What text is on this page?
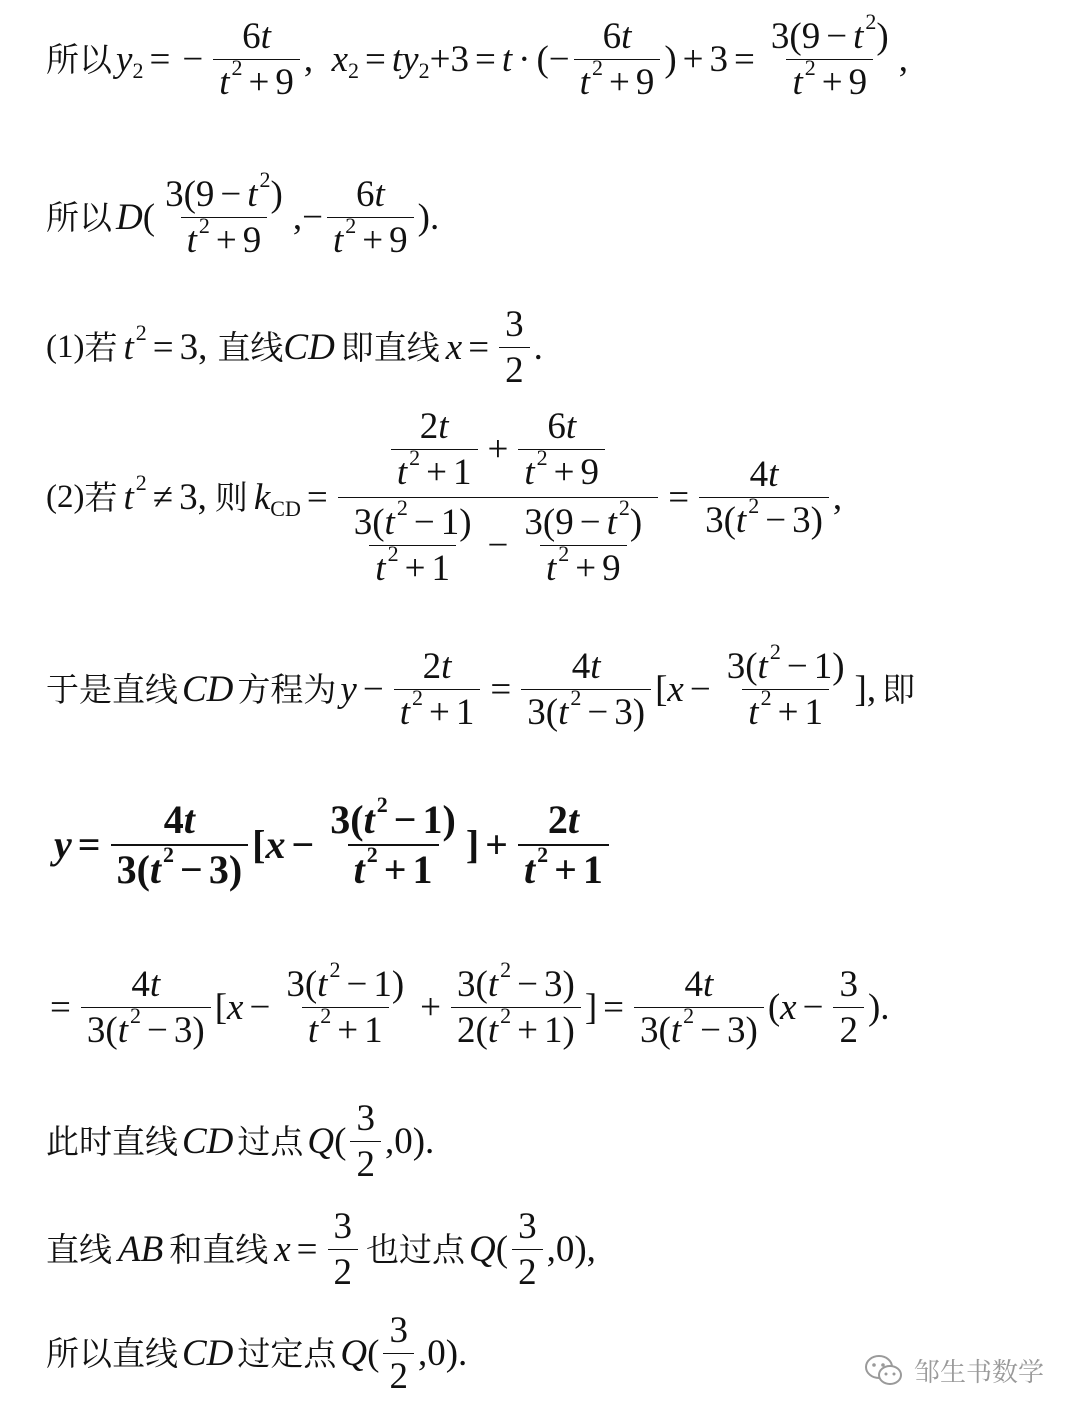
所以 y 2 = − $\frac{6 t}{t 2 + 9}$ , x 2 = ty 2 +3 = t · (− $\frac{6 t}{t 2 + 9}$ ) + $3 = \frac{3(9 - t 2 )}{t 2 + 9}$ ,
所以 D ( $\frac{3(9 - t 2 )}{t 2 + 9}$ ,− $\frac{6 t}{t 2 + 9}$ ).
(1) 若 t 2 = 3, 直线 CD 即 直线 $x = \frac{3}{2}$ .
(2) 若 t 2 ≠ 3, 则 k CD = $\frac{\frac{2 t}{t 2 + 1} + \frac{6 t}{t 2 + 9}}{\frac{3( t 2 - 1)}{t 2 + 1} - \frac{3(9 - t 2 )}{t 2 + 9}} = \frac{4 t}{3( t 2 - 3)}$ ,
于是直线 CD 方程为 $y - \frac{2 t}{t 2 + 1} = \frac{4 t}{3( t 2 - 3)}$ [ $x - \frac{3( t 2 - 1)}{t 2 + 1}$ ], 即
$y = \frac{4 t}{3( t 2 - 3)}$ [ $x - \frac{3( t 2 - 1)}{t 2 + 1}$ ] + $\frac{2 t}{t 2 + 1}$
= $\frac{4 t}{3( t 2 - 3)}$ [ $x - \frac{3( t 2 - 1)}{t 2 + 1} + \frac{3( t 2 - 3)}{2( t 2 + 1)}$ ] = $\frac{4 t}{3( t 2 - 3)}$ ( $x - \frac{3}{2}$ ).
此时直线 CD 过点 Q ( $\frac{3}{2} ,0$).
直线 AB 和直线 $x = \frac{3}{2}$ 也过点 Q ( $\frac{3}{2} ,0$),
所以 直线 CD 过定点 Q ( $\frac{3}{2} ,0$).	邹生书数学
